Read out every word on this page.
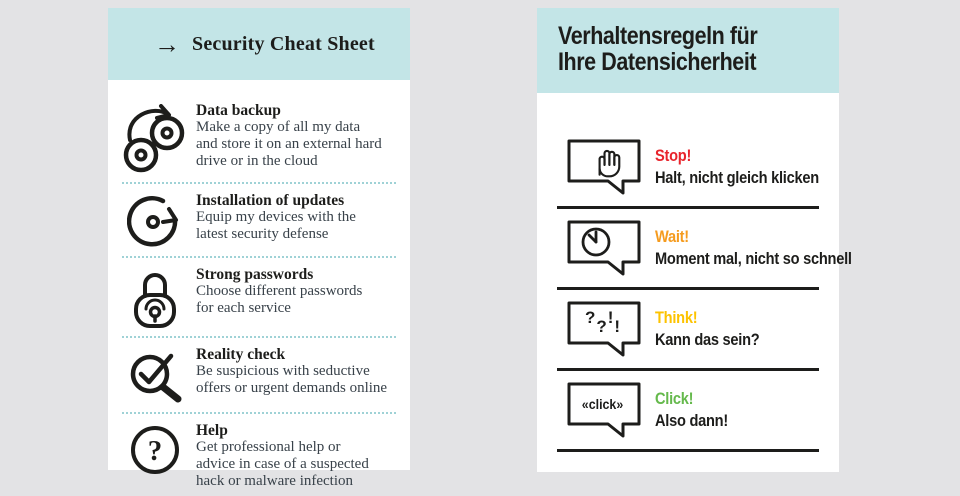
→ Security Cheat Sheet
Data backup
Make a copy of all my data
and store it on an external hard
drive or in the cloud
Installation of updates
Equip my devices with the
latest security defense
Strong passwords
Choose different passwords
for each service
Reality check
Be suspicious with seductive
offers or urgent demands online
?
Help
Get professional help or
advice in case of a suspected
hack or malware infection
Verhaltensregeln für
Ihre Datensicherheit
Stop!
Halt, nicht gleich klicken
Wait!
Moment mal, nicht so schnell
? ? ! ! Think!
Kann das sein?
«click» Click!
Also dann!
